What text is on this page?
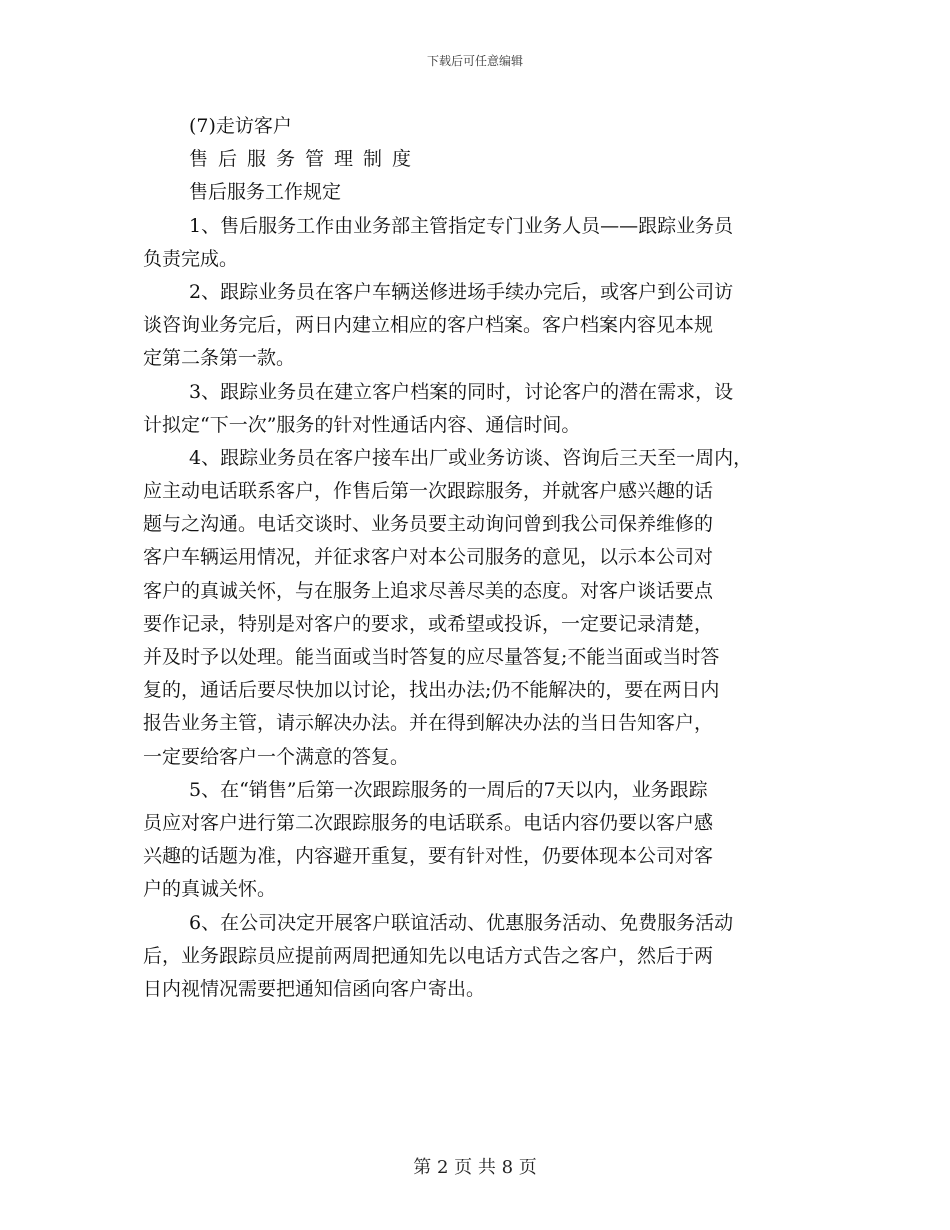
下载后可任意编辑
(7)走访客户
售后服务管理制度
售后服务工作规定
1、售后服务工作由业务部主管指定专门业务人员——跟踪业务员
负责完成。
2、跟踪业务员在客户车辆送修进场手续办完后，或客户到公司访
谈咨询业务完后，两日内建立相应的客户档案。客户档案内容见本规
定第二条第一款。
3、跟踪业务员在建立客户档案的同时，讨论客户的潜在需求，设
计拟定“下一次”服务的针对性通话内容、通信时间。
4、跟踪业务员在客户接车出厂或业务访谈、咨询后三天至一周内，
应主动电话联系客户，作售后第一次跟踪服务，并就客户感兴趣的话
题与之沟通。电话交谈时、业务员要主动询问曾到我公司保养维修的
客户车辆运用情况，并征求客户对本公司服务的意见，以示本公司对
客户的真诚关怀，与在服务上追求尽善尽美的态度。对客户谈话要点
要作记录，特别是对客户的要求，或希望或投诉，一定要记录清楚，
并及时予以处理。能当面或当时答复的应尽量答复;不能当面或当时答
复的，通话后要尽快加以讨论，找出办法;仍不能解决的，要在两日内
报告业务主管，请示解决办法。并在得到解决办法的当日告知客户，
一定要给客户一个满意的答复。
5、在“销售”后第一次跟踪服务的一周后的7天以内，业务跟踪
员应对客户进行第二次跟踪服务的电话联系。电话内容仍要以客户感
兴趣的话题为准，内容避开重复，要有针对性，仍要体现本公司对客
户的真诚关怀。
6、在公司决定开展客户联谊活动、优惠服务活动、免费服务活动
后，业务跟踪员应提前两周把通知先以电话方式告之客户，然后于两
日内视情况需要把通知信函向客户寄出。
第 2 页 共 8 页
